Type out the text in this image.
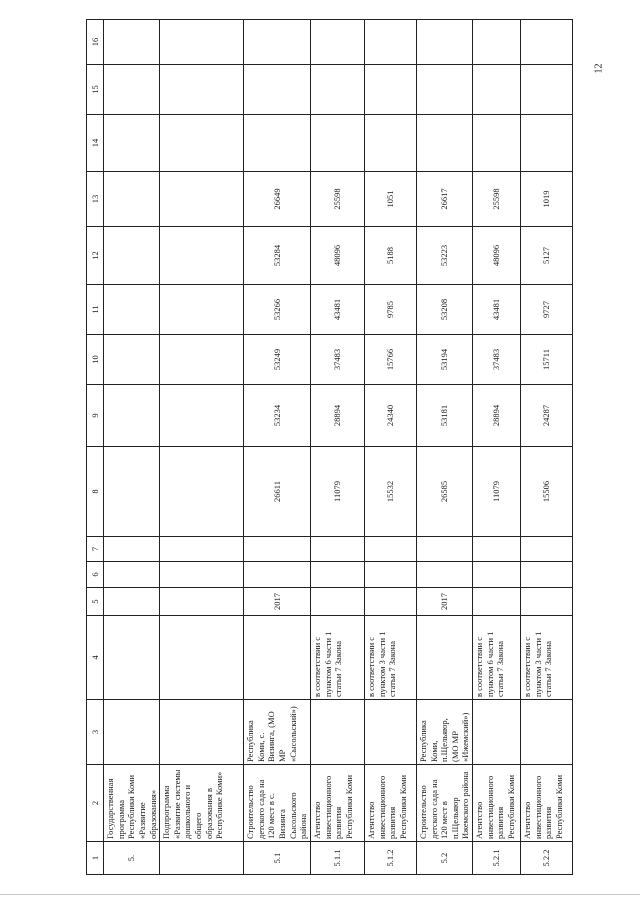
12
1	2	3	4	5	6	7	8	9	10	11	12	13	14	15	16
5.	Государственная программа Республики Коми «Развитие образования»														
	Подпрограмма «Развитие системы дошкольного и общего образования в Республике Коми»														
5.1	Строительство детского сада на 120 мест в с. Визинга Сысольского района	Республика Коми, с. Визинга, (МО МР «Сысольский»)		2017			26611	53234	53249	53266	53284	26649			
5.1.1	Агентство инвестиционного развития Республики Коми		в соответствии с пунктом 6 части 1 статьи 7 Закона				11079	28894	37483	43481	48096	25598			
5.1.2	Агентство инвестиционного развития Республики Коми		в соответствии с пунктом 3 части 1 статьи 7 Закона				15532	24340	15766	9785	5188	1051			
5.2	Строительство детского сада на 120 мест в п.Щельяюр Ижемского района	Республика Коми, п.Щельяюр, (МО МР «Ижемский»)		2017			26585	53181	53194	53208	53223	26617			
5.2.1	Агентство инвестиционного развития Республики Коми		в соответствии с пунктом 6 части 1 статьи 7 Закона				11079	28894	37483	43481	48096	25598			
5.2.2	Агентство инвестиционного развития Республики Коми		в соответствии с пунктом 3 части 1 статьи 7 Закона				15506	24287	15711	9727	5127	1019			
